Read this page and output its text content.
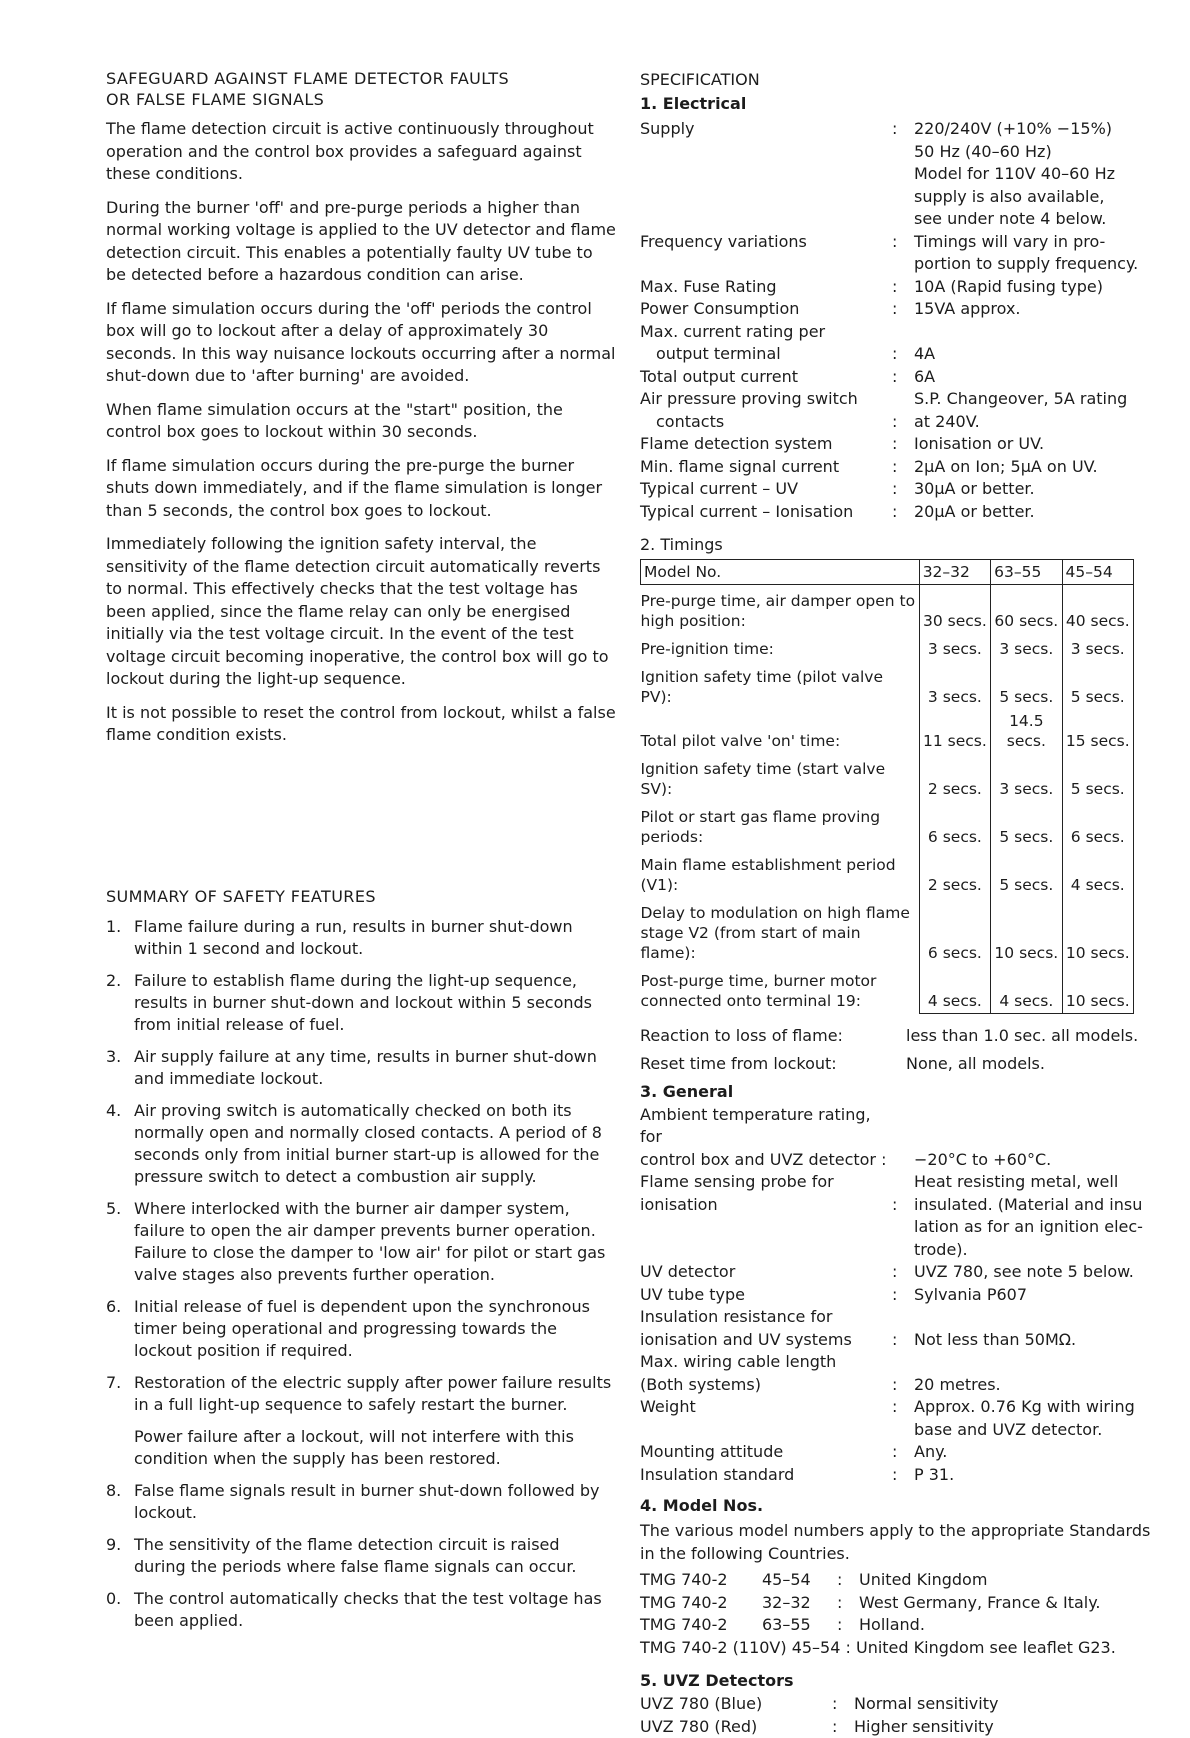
SAFEGUARD AGAINST FLAME DETECTOR FAULTS
OR FALSE FLAME SIGNALS

The flame detection circuit is active continuously throughout operation and the control box provides a safeguard against these conditions.

During the burner 'off' and pre-purge periods a higher than normal working voltage is applied to the UV detector and flame detection circuit. This enables a potentially faulty UV tube to be detected before a hazardous condition can arise.

If flame simulation occurs during the 'off' periods the control box will go to lockout after a delay of approximately 30 seconds. In this way nuisance lockouts occurring after a normal shut-down due to 'after burning' are avoided.

When flame simulation occurs at the "start" position, the control box goes to lockout within 30 seconds.

If flame simulation occurs during the pre-purge the burner shuts down immediately, and if the flame simulation is longer than 5 seconds, the control box goes to lockout.

Immediately following the ignition safety interval, the sensitivity of the flame detection circuit automatically reverts to normal. This effectively checks that the test voltage has been applied, since the flame relay can only be energised initially via the test voltage circuit. In the event of the test voltage circuit becoming inoperative, the control box will go to lockout during the light-up sequence.

It is not possible to reset the control from lockout, whilst a false flame condition exists.

SUMMARY OF SAFETY FEATURES
1. Flame failure during a run, results in burner shut-down within 1 second and lockout.
2. Failure to establish flame during the light-up sequence, results in burner shut-down and lockout within 5 seconds from initial release of fuel.
3. Air supply failure at any time, results in burner shut-down and immediate lockout.
4. Air proving switch is automatically checked on both its normally open and normally closed contacts. A period of 8 seconds only from initial burner start-up is allowed for the pressure switch to detect a combustion air supply.
5. Where interlocked with the burner air damper system, failure to open the air damper prevents burner operation. Failure to close the damper to 'low air' for pilot or start gas valve stages also prevents further operation.
6. Initial release of fuel is dependent upon the synchronous timer being operational and progressing towards the lockout position if required.
7. Restoration of the electric supply after power failure results in a full light-up sequence to safely restart the burner.
Power failure after a lockout, will not interfere with this condition when the supply has been restored.
8. False flame signals result in burner shut-down followed by lockout.
9. The sensitivity of the flame detection circuit is raised during the periods where false flame signals can occur.
0. The control automatically checks that the test voltage has been applied.
SPECIFICATION
1. Electrical
Supply	:	220/240V (+10% −15%)
50 Hz (40–60 Hz)
Model for 110V 40–60 Hz
supply is also available,
see under note 4 below.
Frequency variations	:	Timings will vary in pro-
portion to supply frequency.
Max. Fuse Rating	:	10A (Rapid fusing type)
Power Consumption	:	15VA approx.
Max. current rating per
output terminal	:	4A
Total output current	:	6A
Air pressure proving switch	S.P. Changeover, 5A rating
contacts	:	at 240V.
Flame detection system	:	Ionisation or UV.
Min. flame signal current	:	2μA on Ion; 5μA on UV.
Typical current – UV	:	30μA or better.
Typical current – Ionisation	:	20μA or better.
2. Timings
Model No.	32–32	63–55	45–54
Pre-purge time, air damper open to high position:	30 secs.	60 secs.	40 secs.
Pre-ignition time:	3 secs.	3 secs.	3 secs.
Ignition safety time (pilot valve PV):	3 secs.	5 secs.	5 secs.
Total pilot valve 'on' time:	11 secs.	14.5 secs.	15 secs.
Ignition safety time (start valve SV):	2 secs.	3 secs.	5 secs.
Pilot or start gas flame proving periods:	6 secs.	5 secs.	6 secs.
Main flame establishment period (V1):	2 secs.	5 secs.	4 secs.
Delay to modulation on high flame stage V2 (from start of main flame):	6 secs.	10 secs.	10 secs.
Post-purge time, burner motor connected onto terminal 19:	4 secs.	4 secs.	10 secs.
Reaction to loss of flame:	less than 1.0 sec. all models.
Reset time from lockout:	None, all models.
3. General
Ambient temperature rating, for
control box and UVZ detector :	−20°C to +60°C.
Flame sensing probe for	Heat resisting metal, well
ionisation	:	insulated. (Material and insu
lation as for an ignition elec-
trode).
UV detector	:	UVZ 780, see note 5 below.
UV tube type	:	Sylvania P607
Insulation resistance for
ionisation and UV systems	:	Not less than 50MΩ.
Max. wiring cable length
(Both systems)	:	20 metres.
Weight	:	Approx. 0.76 Kg with wiring
base and UVZ detector.
Mounting attitude	:	Any.
Insulation standard	:	P 31.
4. Model Nos.

The various model numbers apply to the appropriate Standards in the following Countries.

TMG 740-2	45–54	:	United Kingdom
TMG 740-2	32–32	:	West Germany, France & Italy.
TMG 740-2	63–55	:	Holland.
TMG 740-2 (110V) 45–54 : United Kingdom see leaflet G23.
5. UVZ Detectors
UVZ 780 (Blue)	:	Normal sensitivity
UVZ 780 (Red)	:	Higher sensitivity
